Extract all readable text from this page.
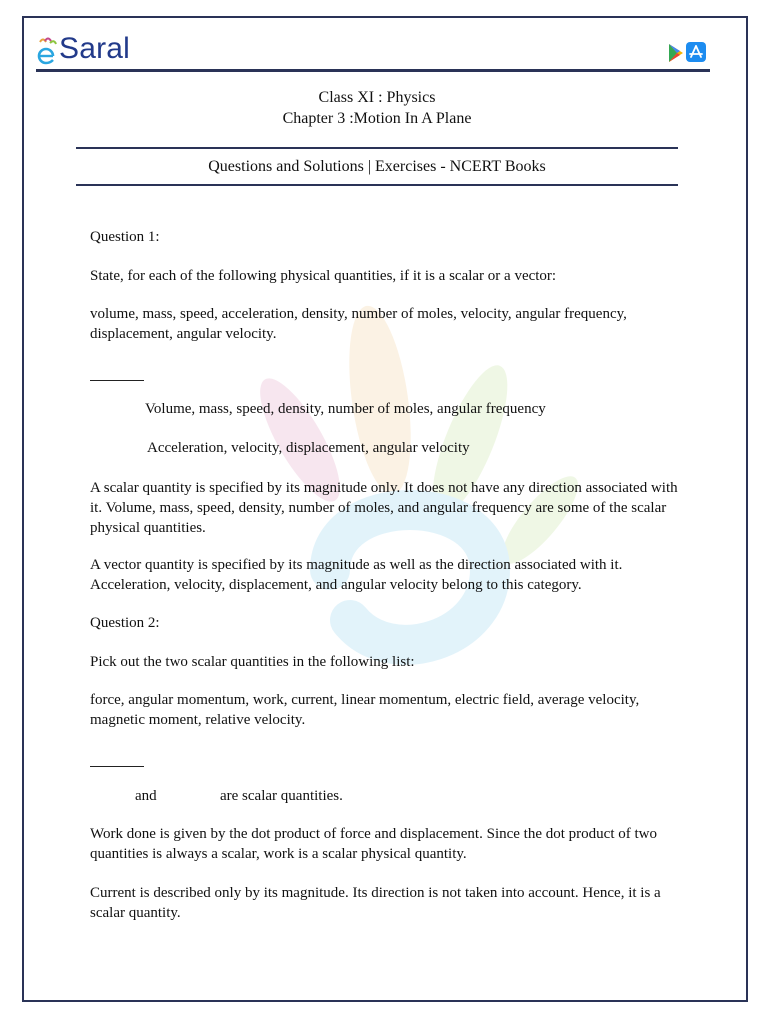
Saral
Class XI : Physics
Chapter 3 :Motion In A Plane
Questions and Solutions | Exercises - NCERT Books
Question 1:
State, for each of the following physical quantities, if it is a scalar or a vector:
volume, mass, speed, acceleration, density, number of moles, velocity, angular frequency, displacement, angular velocity.
Volume, mass, speed, density, number of moles, angular frequency
Acceleration, velocity, displacement, angular velocity
A scalar quantity is specified by its magnitude only. It does not have any direction associated with it. Volume, mass, speed, density, number of moles, and angular frequency are some of the scalar physical quantities.
A vector quantity is specified by its magnitude as well as the direction associated with it. Acceleration, velocity, displacement, and angular velocity belong to this category.
Question 2:
Pick out the two scalar quantities in the following list:
force, angular momentum, work, current, linear momentum, electric field, average velocity, magnetic moment, relative velocity.
and	are scalar quantities.
Work done is given by the dot product of force and displacement. Since the dot product of two quantities is always a scalar, work is a scalar physical quantity.
Current is described only by its magnitude. Its direction is not taken into account. Hence, it is a scalar quantity.
